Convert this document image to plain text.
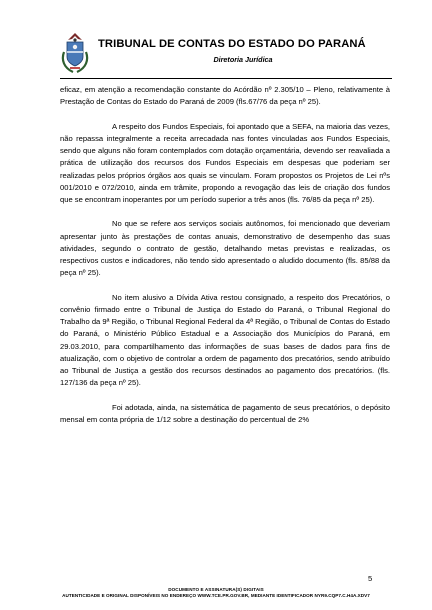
TRIBUNAL DE CONTAS DO ESTADO DO PARANÁ
Diretoria Jurídica

eficaz, em atenção a recomendação constante do Acórdão nº 2.305/10 – Pleno, relativamente à Prestação de Contas do Estado do Paraná de 2009 (fls.67/76 da peça nº 25).

A respeito dos Fundos Especiais, foi apontado que a SEFA, na maioria das vezes, não repassa integralmente a receita arrecadada nas fontes vinculadas aos Fundos Especiais, sendo que alguns não foram contemplados com dotação orçamentária, devendo ser reavaliada a prática de utilização dos recursos dos Fundos Especiais em despesas que poderiam ser realizadas pelos próprios órgãos aos quais se vinculam. Foram propostos os Projetos de Lei nºs 001/2010 e 072/2010, ainda em trâmite, propondo a revogação das leis de criação dos fundos que se encontram inoperantes por um período superior a três anos (fls. 76/85 da peça nº 25).

No que se refere aos serviços sociais autônomos, foi mencionado que deveriam apresentar junto às prestações de contas anuais, demonstrativo de desempenho das suas atividades, segundo o contrato de gestão, detalhando metas previstas e realizadas, os respectivos custos e indicadores, não tendo sido apresentado o aludido documento (fls. 85/88 da peça nº 25).

No item alusivo a Dívida Ativa restou consignado, a respeito dos Precatórios, o convênio firmado entre o Tribunal de Justiça do Estado do Paraná, o Tribunal Regional do Trabalho da 9ª Região, o Tribunal Regional Federal da 4ª Região, o Tribunal de Contas do Estado do Paraná, o Ministério Público Estadual e a Associação dos Municípios do Paraná, em 29.03.2010, para compartilhamento das informações de suas bases de dados para fins de atualização, com o objetivo de controlar a ordem de pagamento dos precatórios, sendo atribuído ao Tribunal de Justiça a gestão dos recursos destinados ao pagamento dos precatórios. (fls. 127/136 da peça nº 25).

Foi adotada, ainda, na sistemática de pagamento de seus precatórios, o depósito mensal em conta própria de 1/12 sobre a destinação do percentual de 2%

5
DOCUMENTO E ASSINATURA(S) DIGITAIS
AUTENTICIDADE E ORIGINAL DISPONÍVEIS NO ENDEREÇO WWW.TCE.PR.GOV.BR, MEDIANTE IDENTIFICADOR NYR9.CQP7.C.H4A.XDV7
